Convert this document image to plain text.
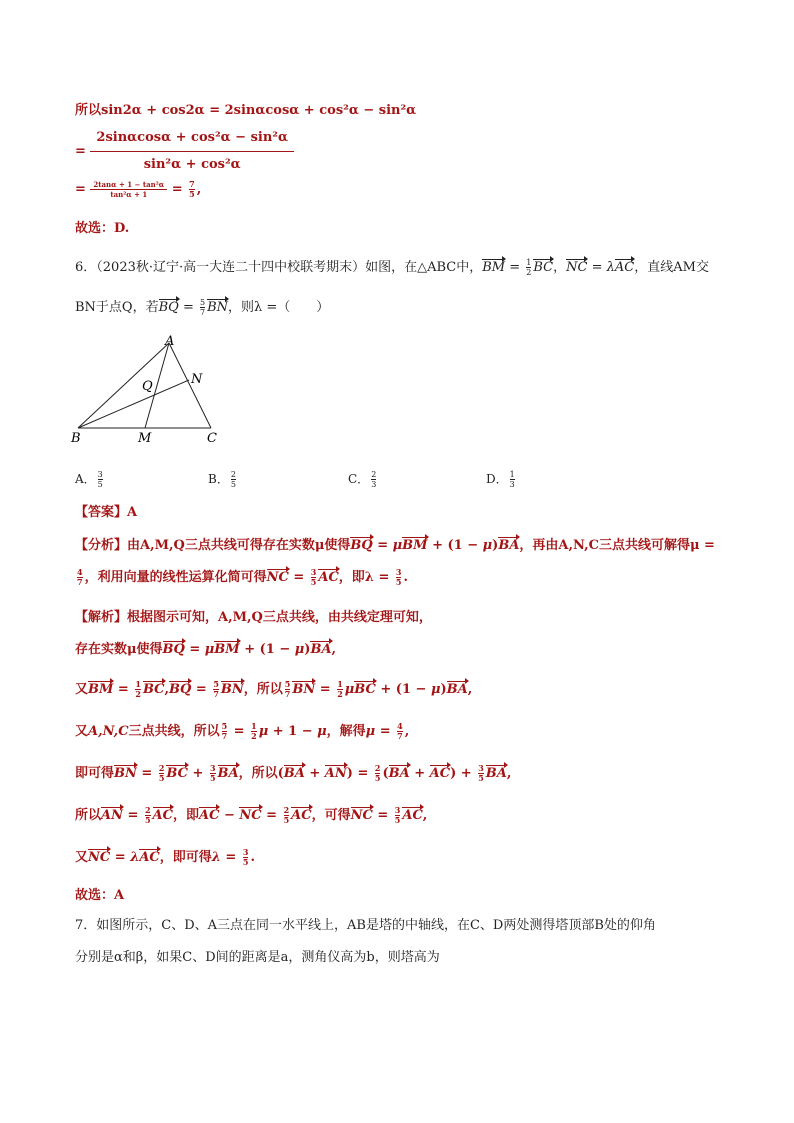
所以sin2α + cos2α = 2sinαcosα + cos²α − sin²α
= $\frac{\text{2sinαcosα + cos²α − sin²α}}{\text{sin²α + cos²α}}$
= $\frac{\text{2tanα + 1 − tan²α}}{\text{tan²α + 1}} = \frac{7}{5}$ ,
故选：D.
6．（2023秋·辽宁·高一大连二十四中校联考期末）如图，在△ABC中，BM = $\frac{1}{2}$ BC，NC = λAC，直线AM交
BN于点Q，若BQ = $\frac{5}{7}$ BN，则λ =（　　）
A
B	C
M
N
Q
A． $\frac{3}{5}$	B． $\frac{2}{5}$	C． $\frac{2}{3}$	D． $\frac{1}{3}$
【答案】A
【分析】由A,M,Q三点共线可得存在实数μ使得BQ = μBM + (1 − μ)BA，再由A,N,C三点共线可解得μ =
$\frac{4}{7}$ ，利用向量的线性运算化简可得NC = $\frac{3}{5}$ AC，即$\lambda = \frac{3}{5}$ .
【解析】根据图示可知，A,M,Q三点共线，由共线定理可知，
存在实数μ使得BQ = μBM + (1 − μ)BA,
又BM = $\frac{1}{2} BC,BQ = \frac{5}{7}$ BN，所以 $\frac{5}{7}$ BN = $\frac{1}{2}$ μBC + (1 − μ)BA,
又A,N,C三点共线，所以 $\frac{5}{7} = \frac{1}{2}$ μ + 1 − μ，解得$\mu = \frac{4}{7}$ ,
即可得BN = $\frac{2}{5}$ BC + $\frac{3}{5}$ BA，所以$(BA + AN) = \frac{2}{5} (BA + AC) + \frac{3}{5}$ BA,
所以AN = $\frac{2}{5}$ AC，即AC − NC = $\frac{2}{5}$ AC，可得NC = $\frac{3}{5}$ AC,
又NC = λAC，即可得$\lambda = \frac{3}{5}$ .
故选：A
7．如图所示，C、D、A三点在同一水平线上，AB是塔的中轴线，在C、D两处测得塔顶部B处的仰角
分别是α和β，如果C、D间的距离是a，测角仪高为b，则塔高为
